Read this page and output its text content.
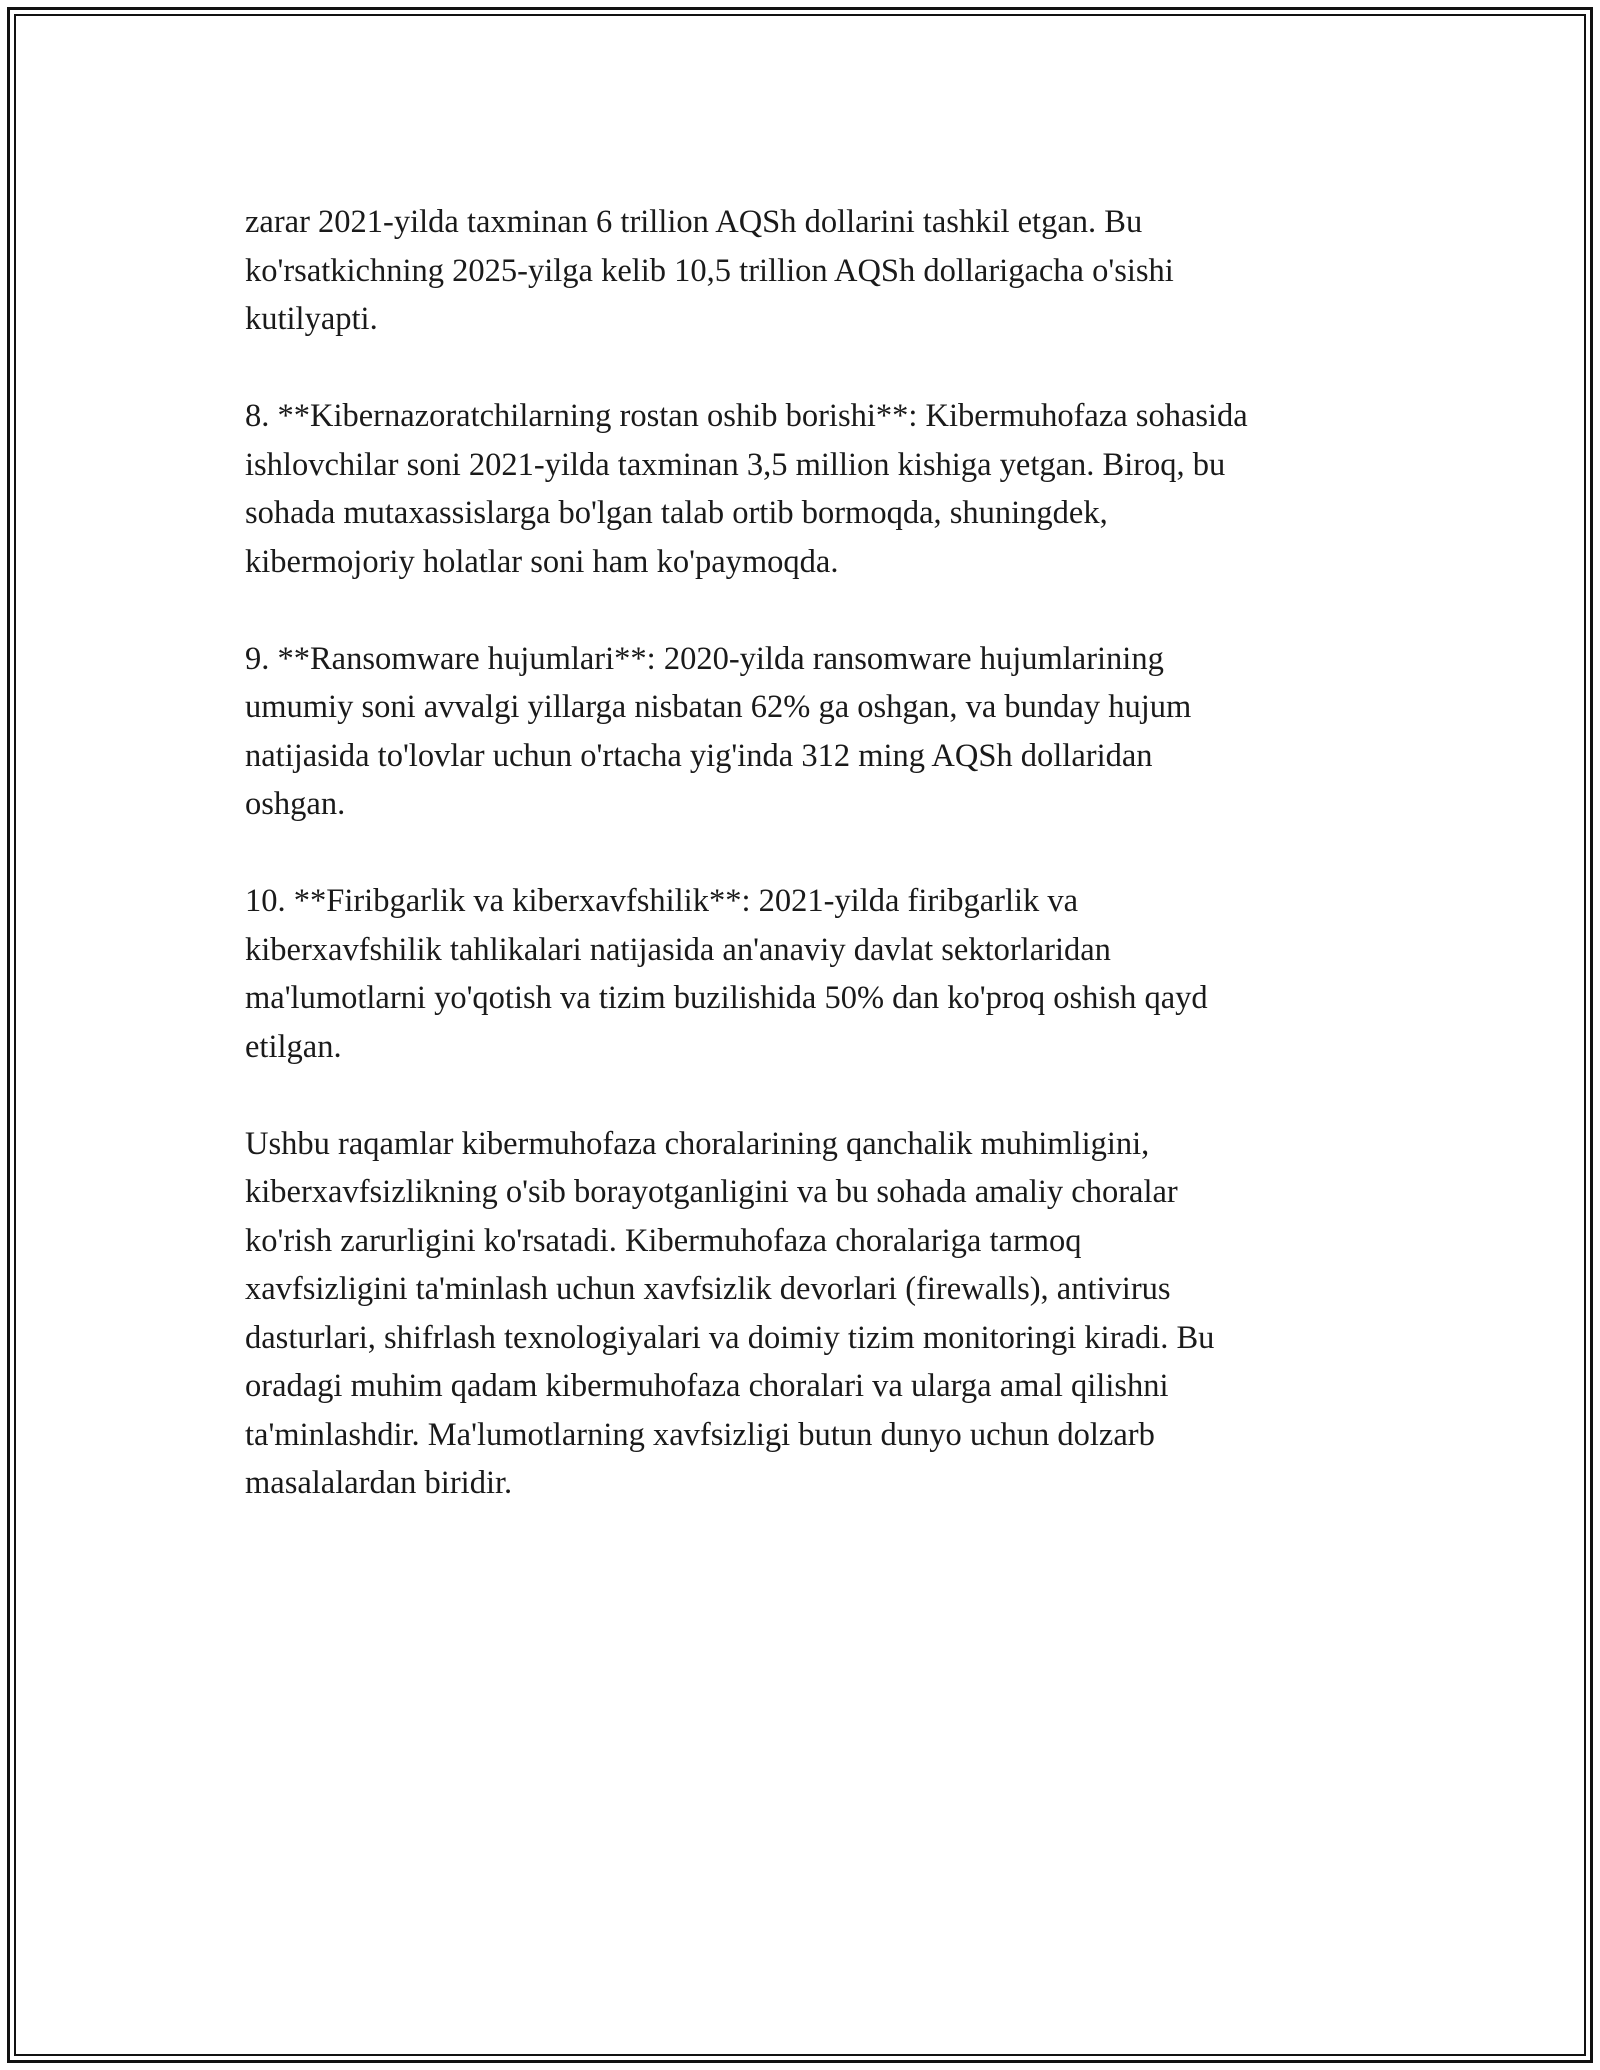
zarar 2021-yilda taxminan 6 trillion AQSh dollarini tashkil etgan. Bu
ko'rsatkichning 2025-yilga kelib 10,5 trillion AQSh dollarigacha o'sishi
kutilyapti.

8. **Kibernazoratchilarning rostan oshib borishi**: Kibermuhofaza sohasida
ishlovchilar soni 2021-yilda taxminan 3,5 million kishiga yetgan. Biroq, bu
sohada mutaxassislarga bo'lgan talab ortib bormoqda, shuningdek,
kibermojoriy holatlar soni ham ko'paymoqda.

9. **Ransomware hujumlari**: 2020-yilda ransomware hujumlarining
umumiy soni avvalgi yillarga nisbatan 62% ga oshgan, va bunday hujum
natijasida to'lovlar uchun o'rtacha yig'inda 312 ming AQSh dollaridan
oshgan.

10. **Firibgarlik va kiberxavfshilik**: 2021-yilda firibgarlik va
kiberxavfshilik tahlikalari natijasida an'anaviy davlat sektorlaridan
ma'lumotlarni yo'qotish va tizim buzilishida 50% dan ko'proq oshish qayd
etilgan.

Ushbu raqamlar kibermuhofaza choralarining qanchalik muhimligini,
kiberxavfsizlikning o'sib borayotganligini va bu sohada amaliy choralar
ko'rish zarurligini ko'rsatadi. Kibermuhofaza choralariga tarmoq
xavfsizligini ta'minlash uchun xavfsizlik devorlari (firewalls), antivirus
dasturlari, shifrlash texnologiyalari va doimiy tizim monitoringi kiradi. Bu
oradagi muhim qadam kibermuhofaza choralari va ularga amal qilishni
ta'minlashdir. Ma'lumotlarning xavfsizligi butun dunyo uchun dolzarb
masalalardan biridir.
